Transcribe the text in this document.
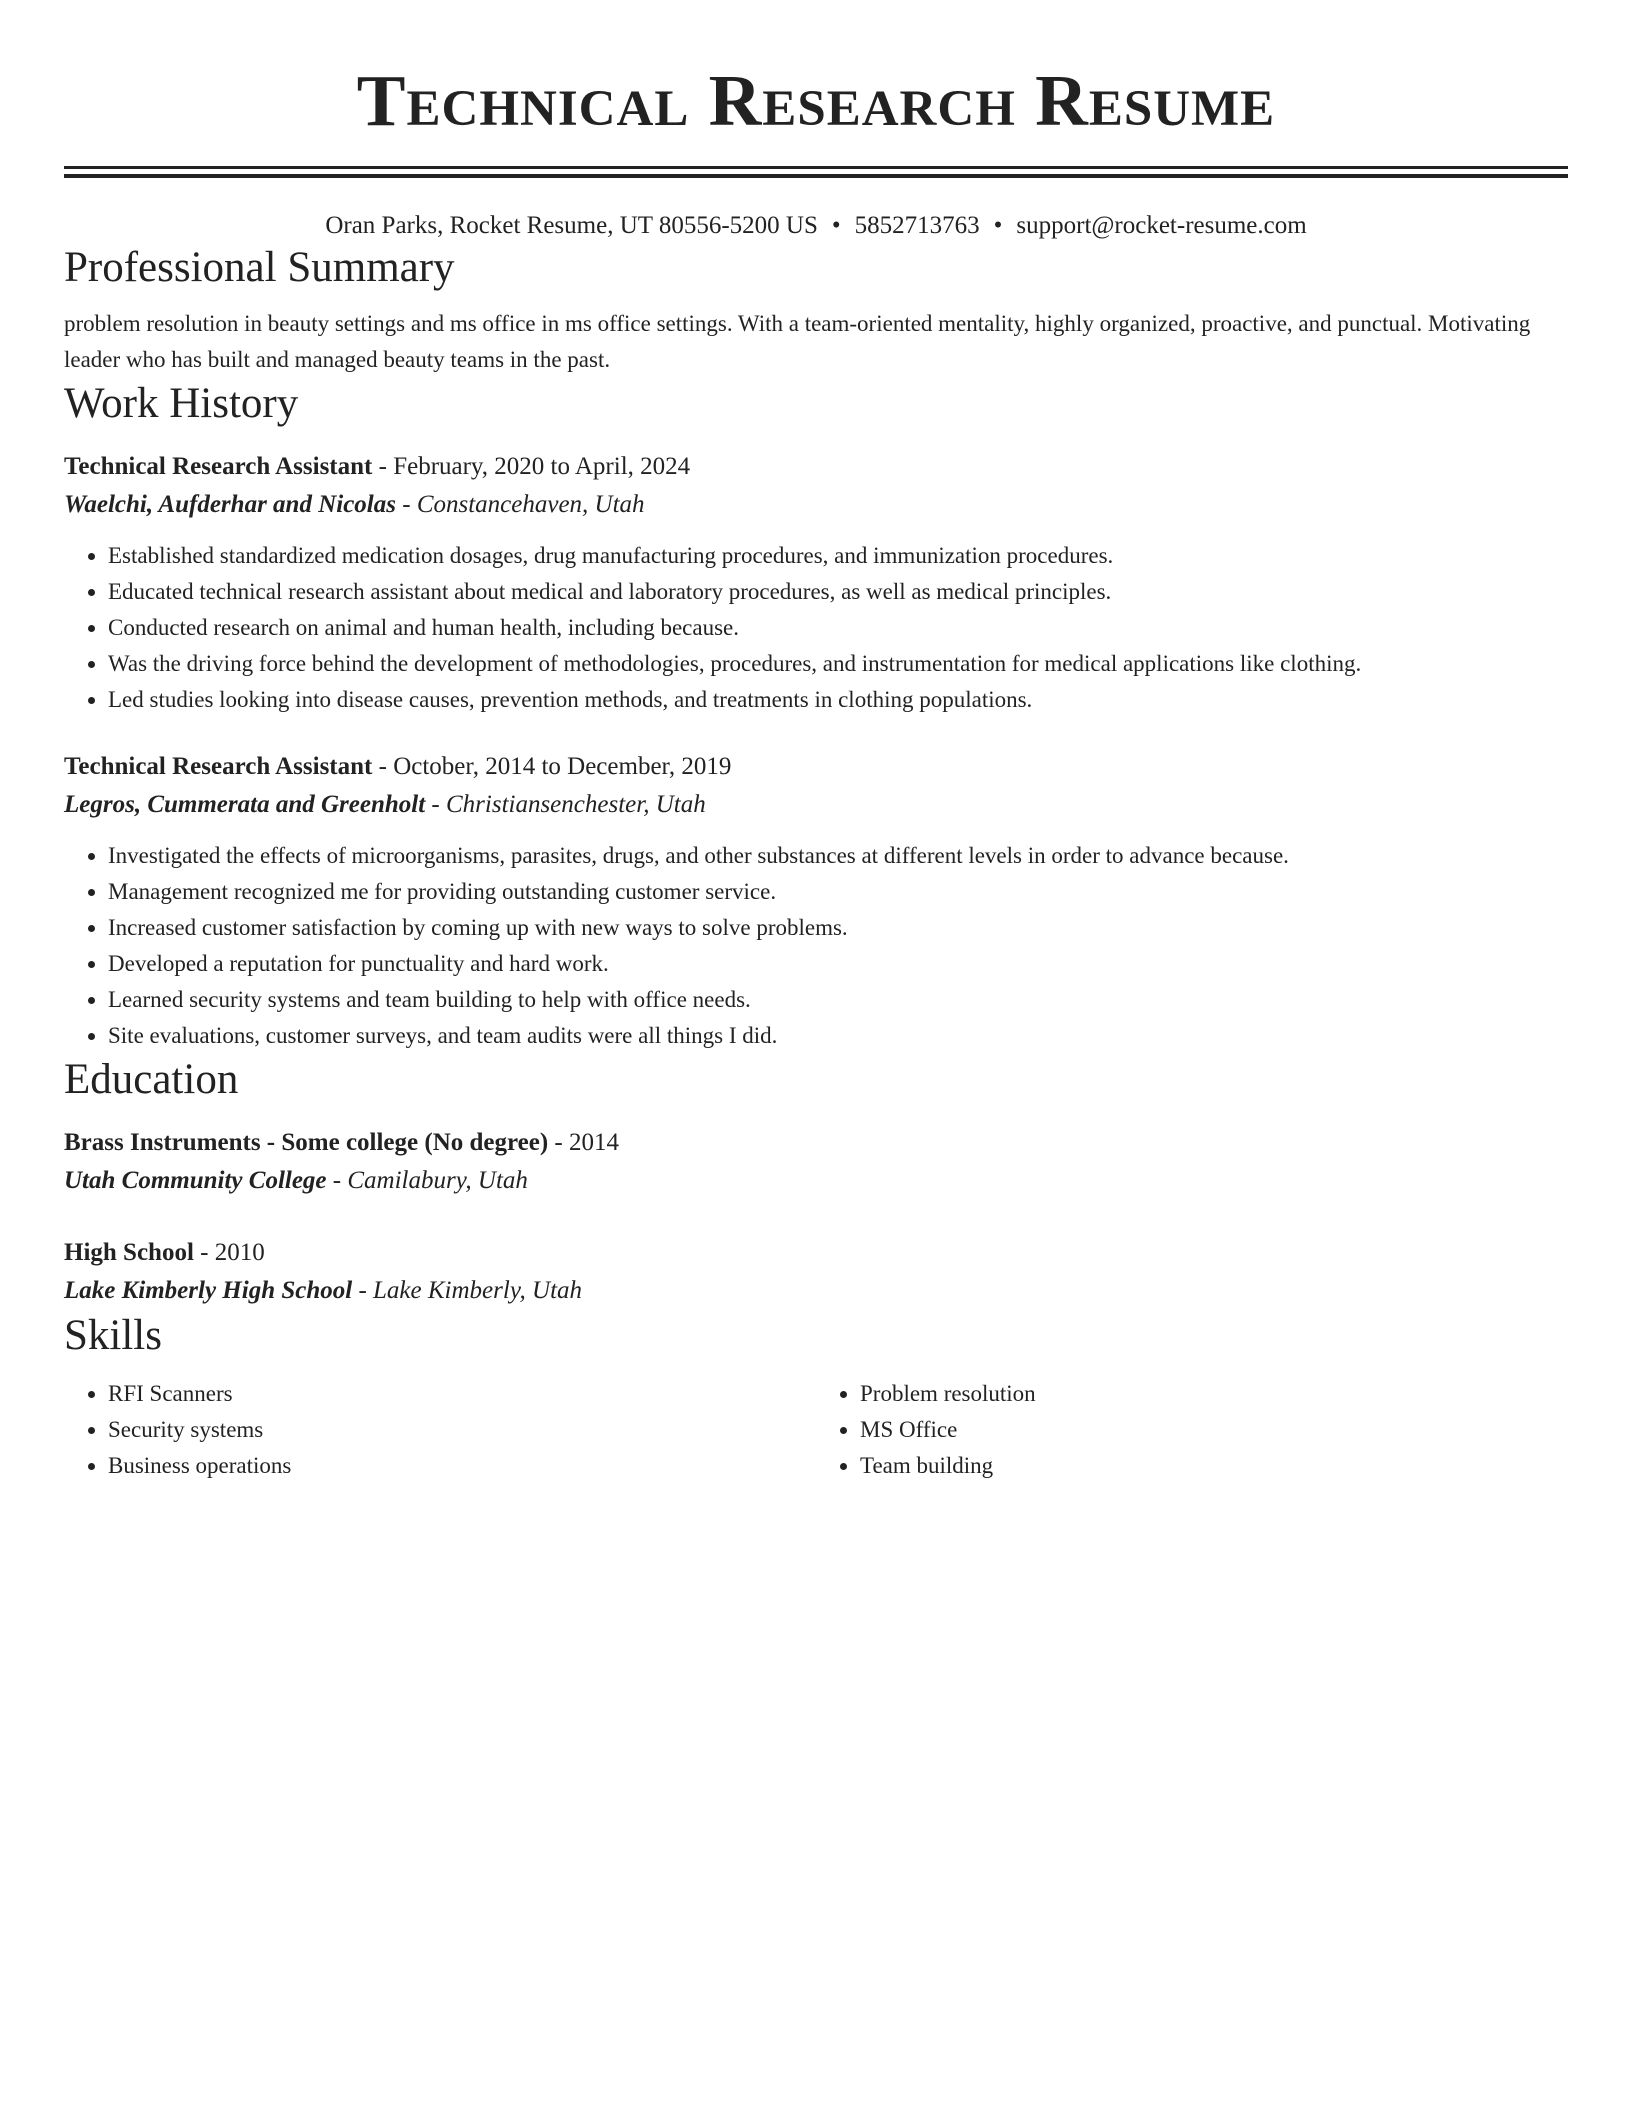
Technical Research Resume
Oran Parks, Rocket Resume, UT 80556-5200 US • 5852713763 • support@rocket-resume.com
Professional Summary
problem resolution in beauty settings and ms office in ms office settings. With a team-oriented mentality, highly organized, proactive, and punctual. Motivating leader who has built and managed beauty teams in the past.
Work History
Technical Research Assistant - February, 2020 to April, 2024
Waelchi, Aufderhar and Nicolas - Constancehaven, Utah
• Established standardized medication dosages, drug manufacturing procedures, and immunization procedures.
• Educated technical research assistant about medical and laboratory procedures, as well as medical principles.
• Conducted research on animal and human health, including because.
• Was the driving force behind the development of methodologies, procedures, and instrumentation for medical applications like clothing.
• Led studies looking into disease causes, prevention methods, and treatments in clothing populations.
Technical Research Assistant - October, 2014 to December, 2019
Legros, Cummerata and Greenholt - Christiansenchester, Utah
• Investigated the effects of microorganisms, parasites, drugs, and other substances at different levels in order to advance because.
• Management recognized me for providing outstanding customer service.
• Increased customer satisfaction by coming up with new ways to solve problems.
• Developed a reputation for punctuality and hard work.
• Learned security systems and team building to help with office needs.
• Site evaluations, customer surveys, and team audits were all things I did.
Education
Brass Instruments - Some college (No degree) - 2014
Utah Community College - Camilabury, Utah
High School - 2010
Lake Kimberly High School - Lake Kimberly, Utah
Skills
• RFI Scanners
• Security systems
• Business operations
• Problem resolution
• MS Office
• Team building
